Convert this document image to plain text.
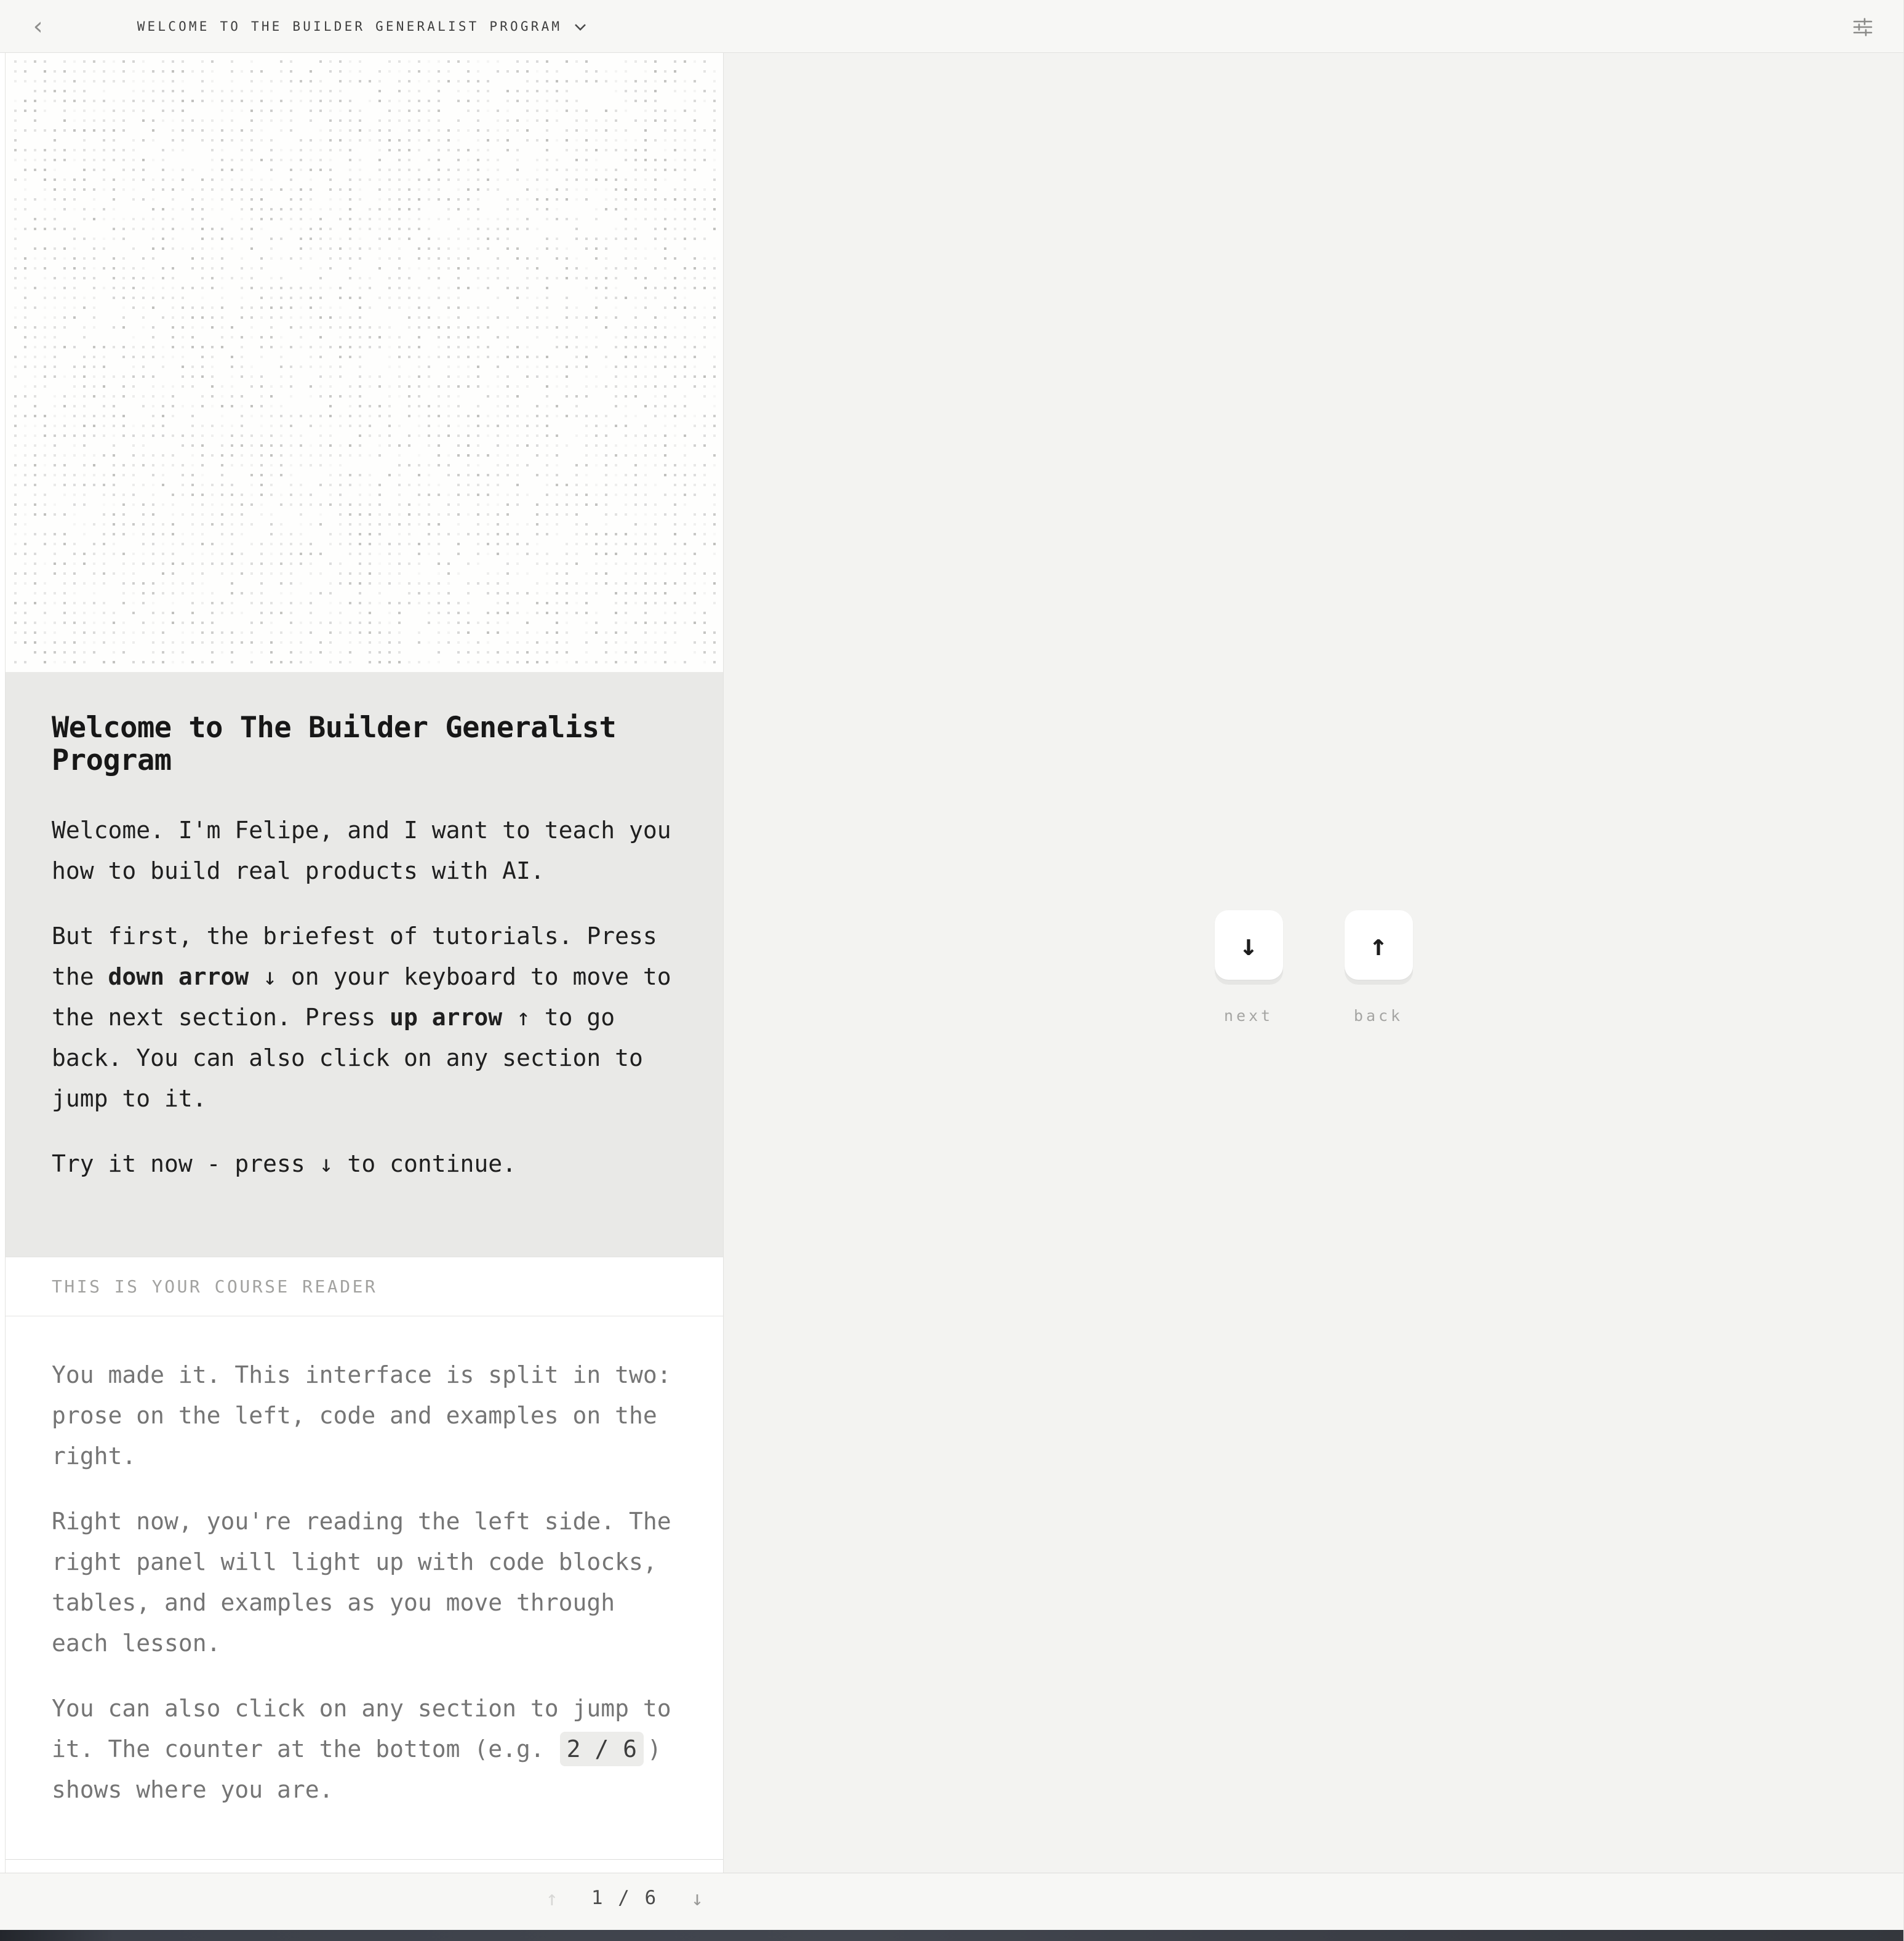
Welcome to The Builder Generalist Program

Welcome. I'm Felipe, and I want to teach you how to build real products with AI.

But first, the briefest of tutorials. Press the down arrow ↓ on your keyboard to move to the next section. Press up arrow ↑ to go back. You can also click on any section to jump to it.

Try it now - press ↓ to continue.

THIS IS YOUR COURSE READER

You made it. This interface is split in two: prose on the left, code and examples on the right.

Right now, you're reading the left side. The right panel will light up with code blocks, tables, and examples as you move through each lesson.

You can also click on any section to jump to it. The counter at the bottom (e.g. 2 / 6 ) shows where you are.

↓
next
↑
back
‹	WELCOME TO THE BUILDER GENERALIST PROGRAM
↑ 1 / 6 ↓
